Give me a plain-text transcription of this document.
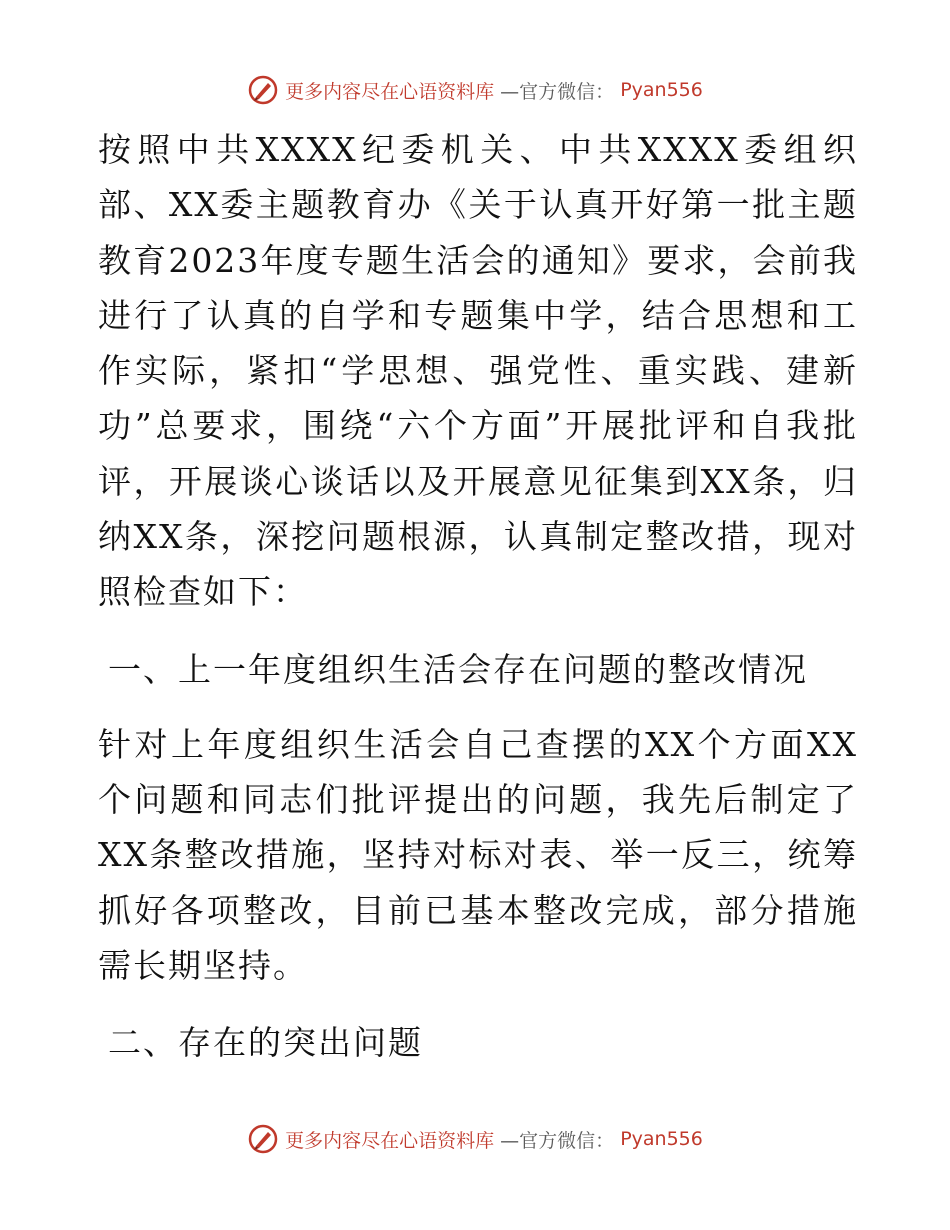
更多内容尽在心语资料库 —官方微信： Pyan556

按照中共XXXX纪委机关、中共XXXX委组织部、XX委主题教育办《关于认真开好第一批主题教育2023年度专题生活会的通知》要求，会前我进行了认真的自学和专题集中学，结合思想和工作实际，紧扣“学思想、强党性、重实践、建新功”总要求，围绕“六个方面”开展批评和自我批评，开展谈心谈话以及开展意见征集到XX条，归纳XX条，深挖问题根源，认真制定整改措，现对照检查如下：

一、上一年度组织生活会存在问题的整改情况

针对上年度组织生活会自己查摆的XX个方面XX个问题和同志们批评提出的问题，我先后制定了XX条整改措施，坚持对标对表、举一反三，统筹抓好各项整改，目前已基本整改完成，部分措施需长期坚持。

二、存在的突出问题

更多内容尽在心语资料库 —官方微信： Pyan556
